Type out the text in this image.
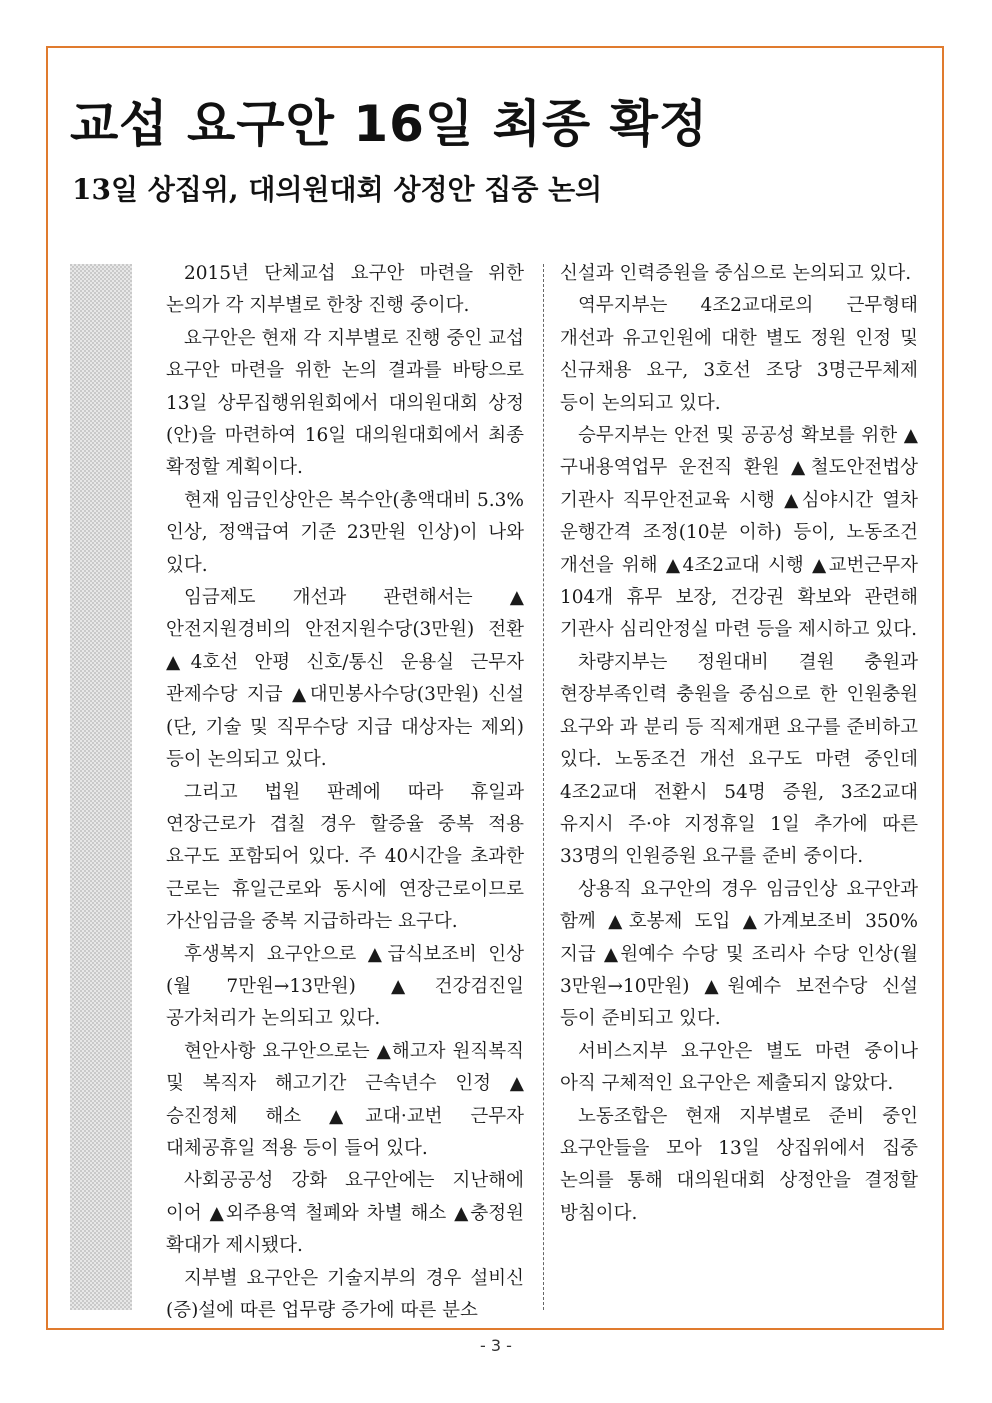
교섭 요구안 16일 최종 확정
13일 상집위, 대의원대회 상정안 집중 논의

2015년 단체교섭 요구안 마련을 위한 논의가 각 지부별로 한창 진행 중이다.

요구안은 현재 각 지부별로 진행 중인 교섭 요구안 마련을 위한 논의 결과를 바탕으로 13일 상무집행위원회에서 대의원대회 상정(안)을 마련하여 16일 대의원대회에서 최종 확정할 계획이다.

현재 임금인상안은 복수안(총액대비 5.3%인상, 정액급여 기준 23만원 인상)이 나와 있다.

임금제도 개선과 관련해서는 ▲안전지원경비의 안전지원수당(3만원) 전환 ▲4호선 안평 신호/통신 운용실 근무자 관제수당 지급 ▲대민봉사수당(3만원) 신설(단, 기술 및 직무수당 지급 대상자는 제외) 등이 논의되고 있다.

그리고 법원 판례에 따라 휴일과 연장근로가 겹칠 경우 할증율 중복 적용 요구도 포함되어 있다. 주 40시간을 초과한 근로는 휴일근로와 동시에 연장근로이므로 가산임금을 중복 지급하라는 요구다.

후생복지 요구안으로 ▲급식보조비 인상(월 7만원→13만원) ▲건강검진일 공가처리가 논의되고 있다.

현안사항 요구안으로는 ▲해고자 원직복직 및 복직자 해고기간 근속년수 인정 ▲승진정체 해소 ▲교대·교번 근무자 대체공휴일 적용 등이 들어 있다.

사회공공성 강화 요구안에는 지난해에 이어 ▲외주용역 철폐와 차별 해소 ▲충정원 확대가 제시됐다.

지부별 요구안은 기술지부의 경우 설비신(증)설에 따른 업무량 증가에 따른 분소

신설과 인력증원을 중심으로 논의되고 있다.

역무지부는 4조2교대로의 근무형태 개선과 유고인원에 대한 별도 정원 인정 및 신규채용 요구, 3호선 조당 3명근무체제 등이 논의되고 있다.

승무지부는 안전 및 공공성 확보를 위한 ▲구내용역업무 운전직 환원 ▲철도안전법상 기관사 직무안전교육 시행 ▲심야시간 열차 운행간격 조정(10분 이하) 등이, 노동조건 개선을 위해 ▲4조2교대 시행 ▲교번근무자 104개 휴무 보장, 건강권 확보와 관련해 기관사 심리안정실 마련 등을 제시하고 있다.

차량지부는 정원대비 결원 충원과 현장부족인력 충원을 중심으로 한 인원충원 요구와 과 분리 등 직제개편 요구를 준비하고 있다. 노동조건 개선 요구도 마련 중인데 4조2교대 전환시 54명 증원, 3조2교대 유지시 주·야 지정휴일 1일 추가에 따른 33명의 인원증원 요구를 준비 중이다.

상용직 요구안의 경우 임금인상 요구안과 함께 ▲호봉제 도입 ▲가계보조비 350% 지급 ▲원예수 수당 및 조리사 수당 인상(월 3만원→10만원) ▲원예수 보전수당 신설 등이 준비되고 있다.

서비스지부 요구안은 별도 마련 중이나 아직 구체적인 요구안은 제출되지 않았다.

노동조합은 현재 지부별로 준비 중인 요구안들을 모아 13일 상집위에서 집중 논의를 통해 대의원대회 상정안을 결정할 방침이다.

- 3 -
